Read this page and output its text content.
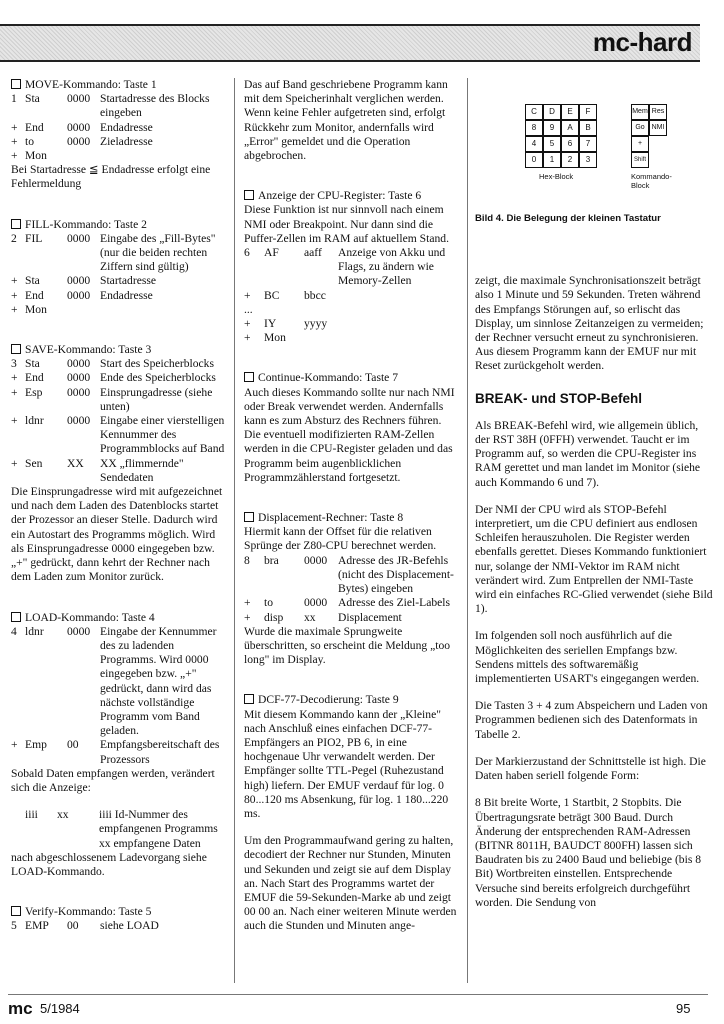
mc-hard
MOVE-Kommando: Taste 1
1	Sta	0000	Startadresse des Blocks eingeben
+	End	0000	Endadresse
+	to	0000	Zieladresse
+	Mon		

Bei Startadresse ≦ Endadresse erfolgt eine Fehlermeldung

FILL-Kommando: Taste 2
2	FIL	0000	Eingabe des „Fill-Bytes" (nur die beiden rechten Ziffern sind gültig)
+	Sta	0000	Startadresse
+	End	0000	Endadresse
+	Mon		
SAVE-Kommando: Taste 3
3	Sta	0000	Start des Speicherblocks
+	End	0000	Ende des Speicherblocks
+	Esp	0000	Einsprungadresse (siehe unten)
+	ldnr	0000	Eingabe einer vierstelligen Kennummer des Programmblocks auf Band
+	Sen	XX	XX „flimmernde" Sendedaten

Die Einsprungadresse wird mit aufgezeichnet und nach dem Laden des Datenblocks startet der Prozessor an dieser Stelle. Dadurch wird ein Autostart des Programms möglich. Wird als Einsprungadresse 0000 eingegeben bzw. „+" gedrückt, dann kehrt der Rechner nach dem Laden zum Monitor zurück.

LOAD-Kommando: Taste 4
4	ldnr	0000	Eingabe der Kennummer des zu ladenden Programms. Wird 0000 eingegeben bzw. „+" gedrückt, dann wird das nächste vollständige Programm vom Band geladen.
+	Emp	00	Empfangsbereitschaft des Prozessors

Sobald Daten empfangen werden, verändert sich die Anzeige:

	iiii	xx	iiii Id-Nummer des empfangenen Programms
xx empfangene Daten

nach abgeschlossenem Ladevorgang siehe LOAD-Kommando.

Verify-Kommando: Taste 5
5	EMP	00	siehe LOAD

Das auf Band geschriebene Programm kann mit dem Speicherinhalt verglichen werden. Wenn keine Fehler aufgetreten sind, erfolgt Rückkehr zum Monitor, andernfalls wird „Error" gemeldet und die Operation abgebrochen.

Anzeige der CPU-Register: Taste 6

Diese Funktion ist nur sinnvoll nach einem NMI oder Breakpoint. Nur dann sind die Puffer-Zellen im RAM auf aktuellem Stand.

6	AF	aaff	Anzeige von Akku und Flags, zu ändern wie Memory-Zellen
+	BC	bbcc	
...			
+	IY	yyyy	
+	Mon		
Continue-Kommando: Taste 7

Auch dieses Kommando sollte nur nach NMI oder Break verwendet werden. Andernfalls kann es zum Absturz des Rechners führen.

Die eventuell modifizierten RAM-Zellen werden in die CPU-Register geladen und das Programm beim augenblicklichen Programmzählerstand fortgesetzt.

Displacement-Rechner: Taste 8

Hiermit kann der Offset für die relativen Sprünge der Z80-CPU berechnet werden.

8	bra	0000	Adresse des JR-Befehls (nicht des Displacement-Bytes) eingeben
+	to	0000	Adresse des Ziel-Labels
+	disp	xx	Displacement

Wurde die maximale Sprungweite überschritten, so erscheint die Meldung „too long" im Display.

DCF-77-Decodierung: Taste 9

Mit diesem Kommando kann der „Kleine" nach Anschluß eines einfachen DCF-77-Empfängers an PIO2, PB 6, in eine hochgenaue Uhr verwandelt werden. Der Empfänger sollte TTL-Pegel (Ruhezustand high) liefern. Der EMUF verdauf für log. 0 80...120 ms Absenkung, für log. 1 180...220 ms.

Um den Programmaufwand gering zu halten, decodiert der Rechner nur Stunden, Minuten und Sekunden und zeigt sie auf dem Display an. Nach Start des Programms wartet der EMUF die 59-Sekunden-Marke ab und zeigt 00 00 an. Nach einer weiteren Minute werden auch die Stunden und Minuten ange-

C	D	E	F
8	9	A	B
4	5	6	7
0	1	2	3
Mem Res
Go NMI
+
Shift
Hex-Block	Kommando-Block

Bild 4. Die Belegung der kleinen Tastatur

zeigt, die maximale Synchronisationszeit beträgt also 1 Minute und 59 Sekunden. Treten während des Empfangs Störungen auf, so erlischt das Display, um sinnlose Zeitanzeigen zu vermeiden; der Rechner versucht erneut zu synchronisieren. Aus diesem Programm kann der EMUF nur mit Reset zurückgeholt werden.

BREAK- und STOP-Befehl

Als BREAK-Befehl wird, wie allgemein üblich, der RST 38H (0FFH) verwendet. Taucht er im Programm auf, so werden die CPU-Register ins RAM gerettet und man landet im Monitor (siehe auch Kommando 6 und 7).

Der NMI der CPU wird als STOP-Befehl interpretiert, um die CPU definiert aus endlosen Schleifen herauszuholen. Die Register werden ebenfalls gerettet. Dieses Kommando funktioniert nur, solange der NMI-Vektor im RAM nicht verändert wird. Zum Entprellen der NMI-Taste wird ein einfaches RC-Glied verwendet (siehe Bild 1).

Im folgenden soll noch ausführlich auf die Möglichkeiten des seriellen Empfangs bzw. Sendens mittels des softwaremäßig implementierten USART's eingegangen werden.

Die Tasten 3 + 4 zum Abspeichern und Laden von Programmen bedienen sich des Datenformats in Tabelle 2.

Der Markierzustand der Schnittstelle ist high. Die Daten haben seriell folgende Form:

8 Bit breite Worte, 1 Startbit, 2 Stopbits. Die Übertragungsrate beträgt 300 Baud. Durch Änderung der entsprechenden RAM-Adressen (BITNR 8011H, BAUDCT 800FH) lassen sich Baudraten bis zu 2400 Baud und beliebige (bis 8 Bit) Wortbreiten einstellen. Entsprechende Versuche sind bereits erfolgreich durchgeführt worden. Die Sendung von

mc 5/1984	95
